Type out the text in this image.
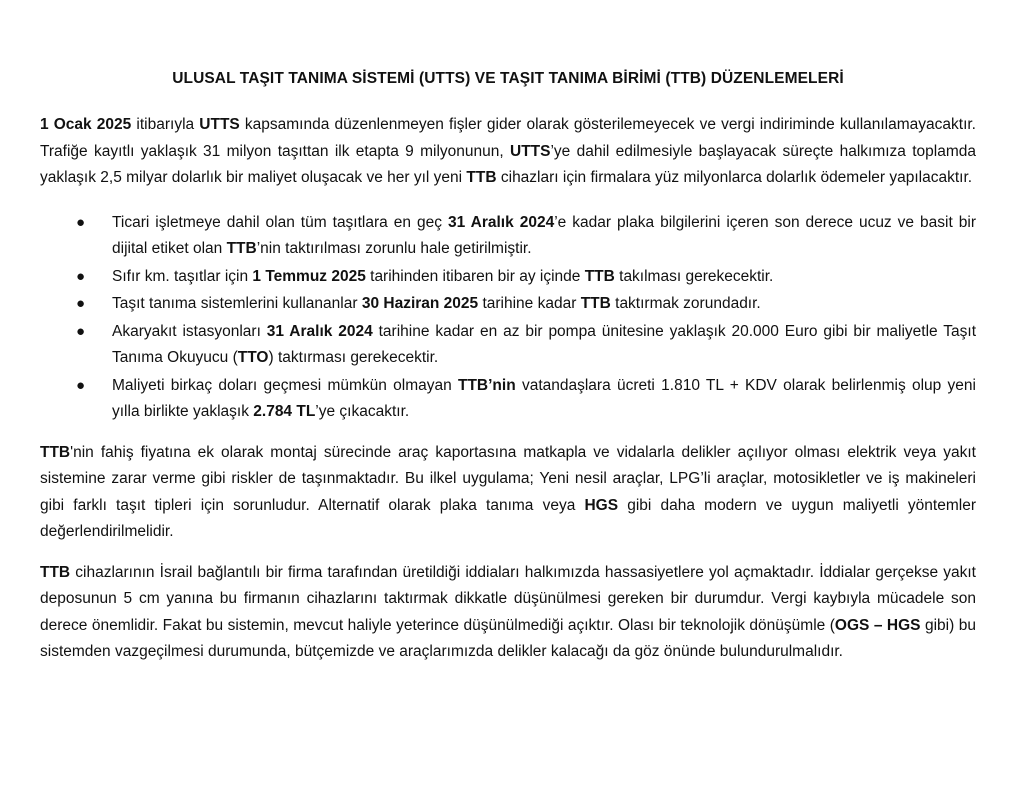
ULUSAL TAŞIT TANIMA SİSTEMİ (UTTS) VE TAŞIT TANIMA BİRİMİ (TTB) DÜZENLEMELERİ

1 Ocak 2025 itibarıyla UTTS kapsamında düzenlenmeyen fişler gider olarak gösterilemeyecek ve vergi indiriminde kullanılamayacaktır. Trafiğe kayıtlı yaklaşık 31 milyon taşıttan ilk etapta 9 milyonunun, UTTS’ye dahil edilmesiyle başlayacak süreçte halkımıza toplamda yaklaşık 2,5 milyar dolarlık bir maliyet oluşacak ve her yıl yeni TTB cihazları için firmalara yüz milyonlarca dolarlık ödemeler yapılacaktır.

● Ticari işletmeye dahil olan tüm taşıtlara en geç 31 Aralık 2024’e kadar plaka bilgilerini içeren son derece ucuz ve basit bir dijital etiket olan TTB’nin taktırılması zorunlu hale getirilmiştir.
● Sıfır km. taşıtlar için 1 Temmuz 2025 tarihinden itibaren bir ay içinde TTB takılması gerekecektir.
● Taşıt tanıma sistemlerini kullananlar 30 Haziran 2025 tarihine kadar TTB taktırmak zorundadır.
● Akaryakıt istasyonları 31 Aralık 2024 tarihine kadar en az bir pompa ünitesine yaklaşık 20.000 Euro gibi bir maliyetle Taşıt Tanıma Okuyucu (TTO) taktırması gerekecektir.
● Maliyeti birkaç doları geçmesi mümkün olmayan TTB’nin vatandaşlara ücreti 1.810 TL + KDV olarak belirlenmiş olup yeni yılla birlikte yaklaşık 2.784 TL’ye çıkacaktır.

TTB'nin fahiş fiyatına ek olarak montaj sürecinde araç kaportasına matkapla ve vidalarla delikler açılıyor olması elektrik veya yakıt sistemine zarar verme gibi riskler de taşınmaktadır. Bu ilkel uygulama; Yeni nesil araçlar, LPG’li araçlar, motosikletler ve iş makineleri gibi farklı taşıt tipleri için sorunludur. Alternatif olarak plaka tanıma veya HGS gibi daha modern ve uygun maliyetli yöntemler değerlendirilmelidir.

TTB cihazlarının İsrail bağlantılı bir firma tarafından üretildiği iddiaları halkımızda hassasiyetlere yol açmaktadır. İddialar gerçekse yakıt deposunun 5 cm yanına bu firmanın cihazlarını taktırmak dikkatle düşünülmesi gereken bir durumdur. Vergi kaybıyla mücadele son derece önemlidir. Fakat bu sistemin, mevcut haliyle yeterince düşünülmediği açıktır. Olası bir teknolojik dönüşümle (OGS – HGS gibi) bu sistemden vazgeçilmesi durumunda, bütçemizde ve araçlarımızda delikler kalacağı da göz önünde bulundurulmalıdır.
